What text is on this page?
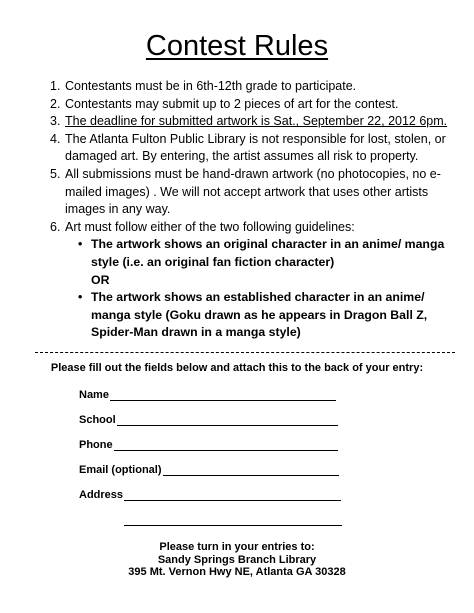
Contest Rules
1. Contestants must be in 6th-12th grade to participate.
2. Contestants may submit up to 2 pieces of art for the contest.
3. The deadline for submitted artwork is Sat., September 22, 2012 6pm.
4. The Atlanta Fulton Public Library is not responsible for lost, stolen, or damaged art. By entering, the artist assumes all risk to property.
5. All submissions must be hand-drawn artwork (no photocopies, no e-mailed images) . We will not accept artwork that uses other artists images in any way.
6. Art must follow either of the two following guidelines:
• The artwork shows an original character in an anime/ manga style (i.e. an original fan fiction character)
OR
• The artwork shows an established character in an anime/ manga style (Goku drawn as he appears in Dragon Ball Z, Spider-Man drawn in a manga style)
Please fill out the fields below and attach this to the back of your entry:
Name
School
Phone
Email (optional)
Address
Please turn in your entries to:
Sandy Springs Branch Library
395 Mt. Vernon Hwy NE, Atlanta GA 30328
